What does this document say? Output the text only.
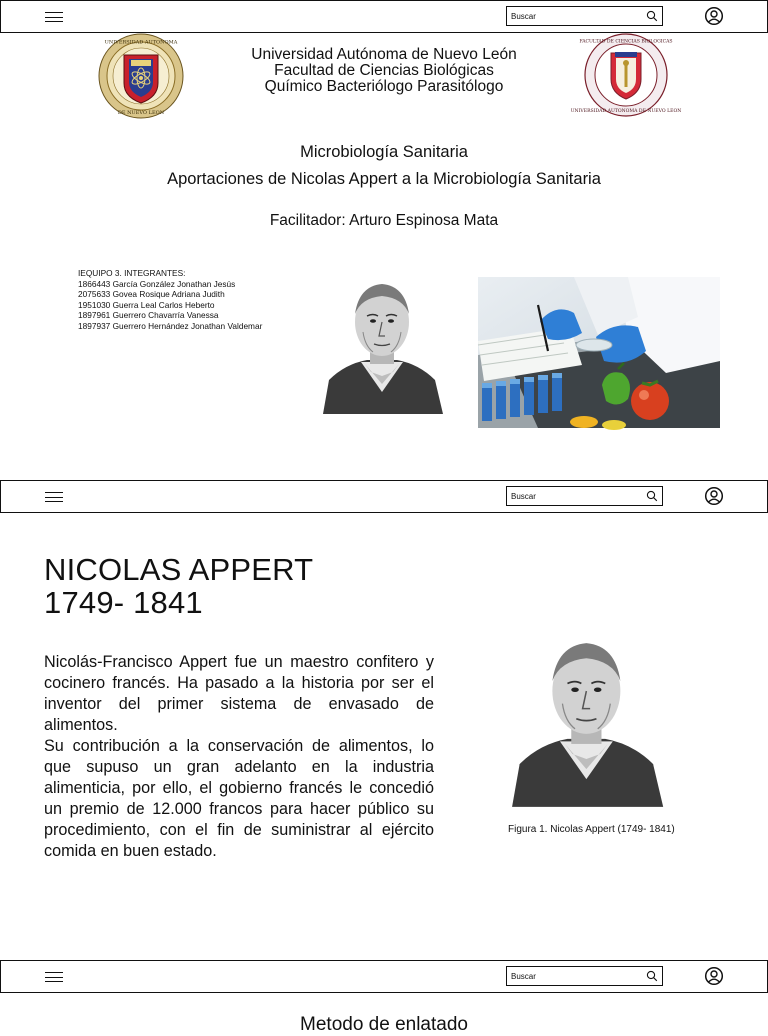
Buscar
UNIVERSIDAD AUTONOMA
DE NUEVO LEON
FACULTAD DE CIENCIAS BIOLOGICAS
UNIVERSIDAD AUTONOMA DE NUEVO LEON
Universidad Autónoma de Nuevo León
Facultad de Ciencias Biológicas
Químico Bacteriólogo Parasitólogo
Microbiología Sanitaria
Aportaciones de Nicolas Appert a la Microbiología Sanitaria
Facilitador: Arturo Espinosa Mata
IEQUIPO 3. INTEGRANTES:
1866443 García González Jonathan Jesús
2075633 Govea Rosique Adriana Judith
1951030 Guerra Leal Carlos Heberto
1897961 Guerrero Chavarría Vanessa
1897937 Guerrero Hernández Jonathan Valdemar
Buscar
NICOLAS APPERT
1749- 1841

Nicolás-Francisco Appert fue un maestro confitero y cocinero francés. Ha pasado a la historia por ser el inventor del primer sistema de envasado de alimentos.

Su contribución a la conservación de alimentos, lo que supuso un gran adelanto en la industria alimenticia, por ello, el gobierno francés le concedió un premio de 12.000 francos para hacer público su procedimiento, con el fin de suministrar al ejército comida en buen estado.

Figura 1. Nicolas Appert (1749- 1841)
Buscar
Metodo de enlatado
